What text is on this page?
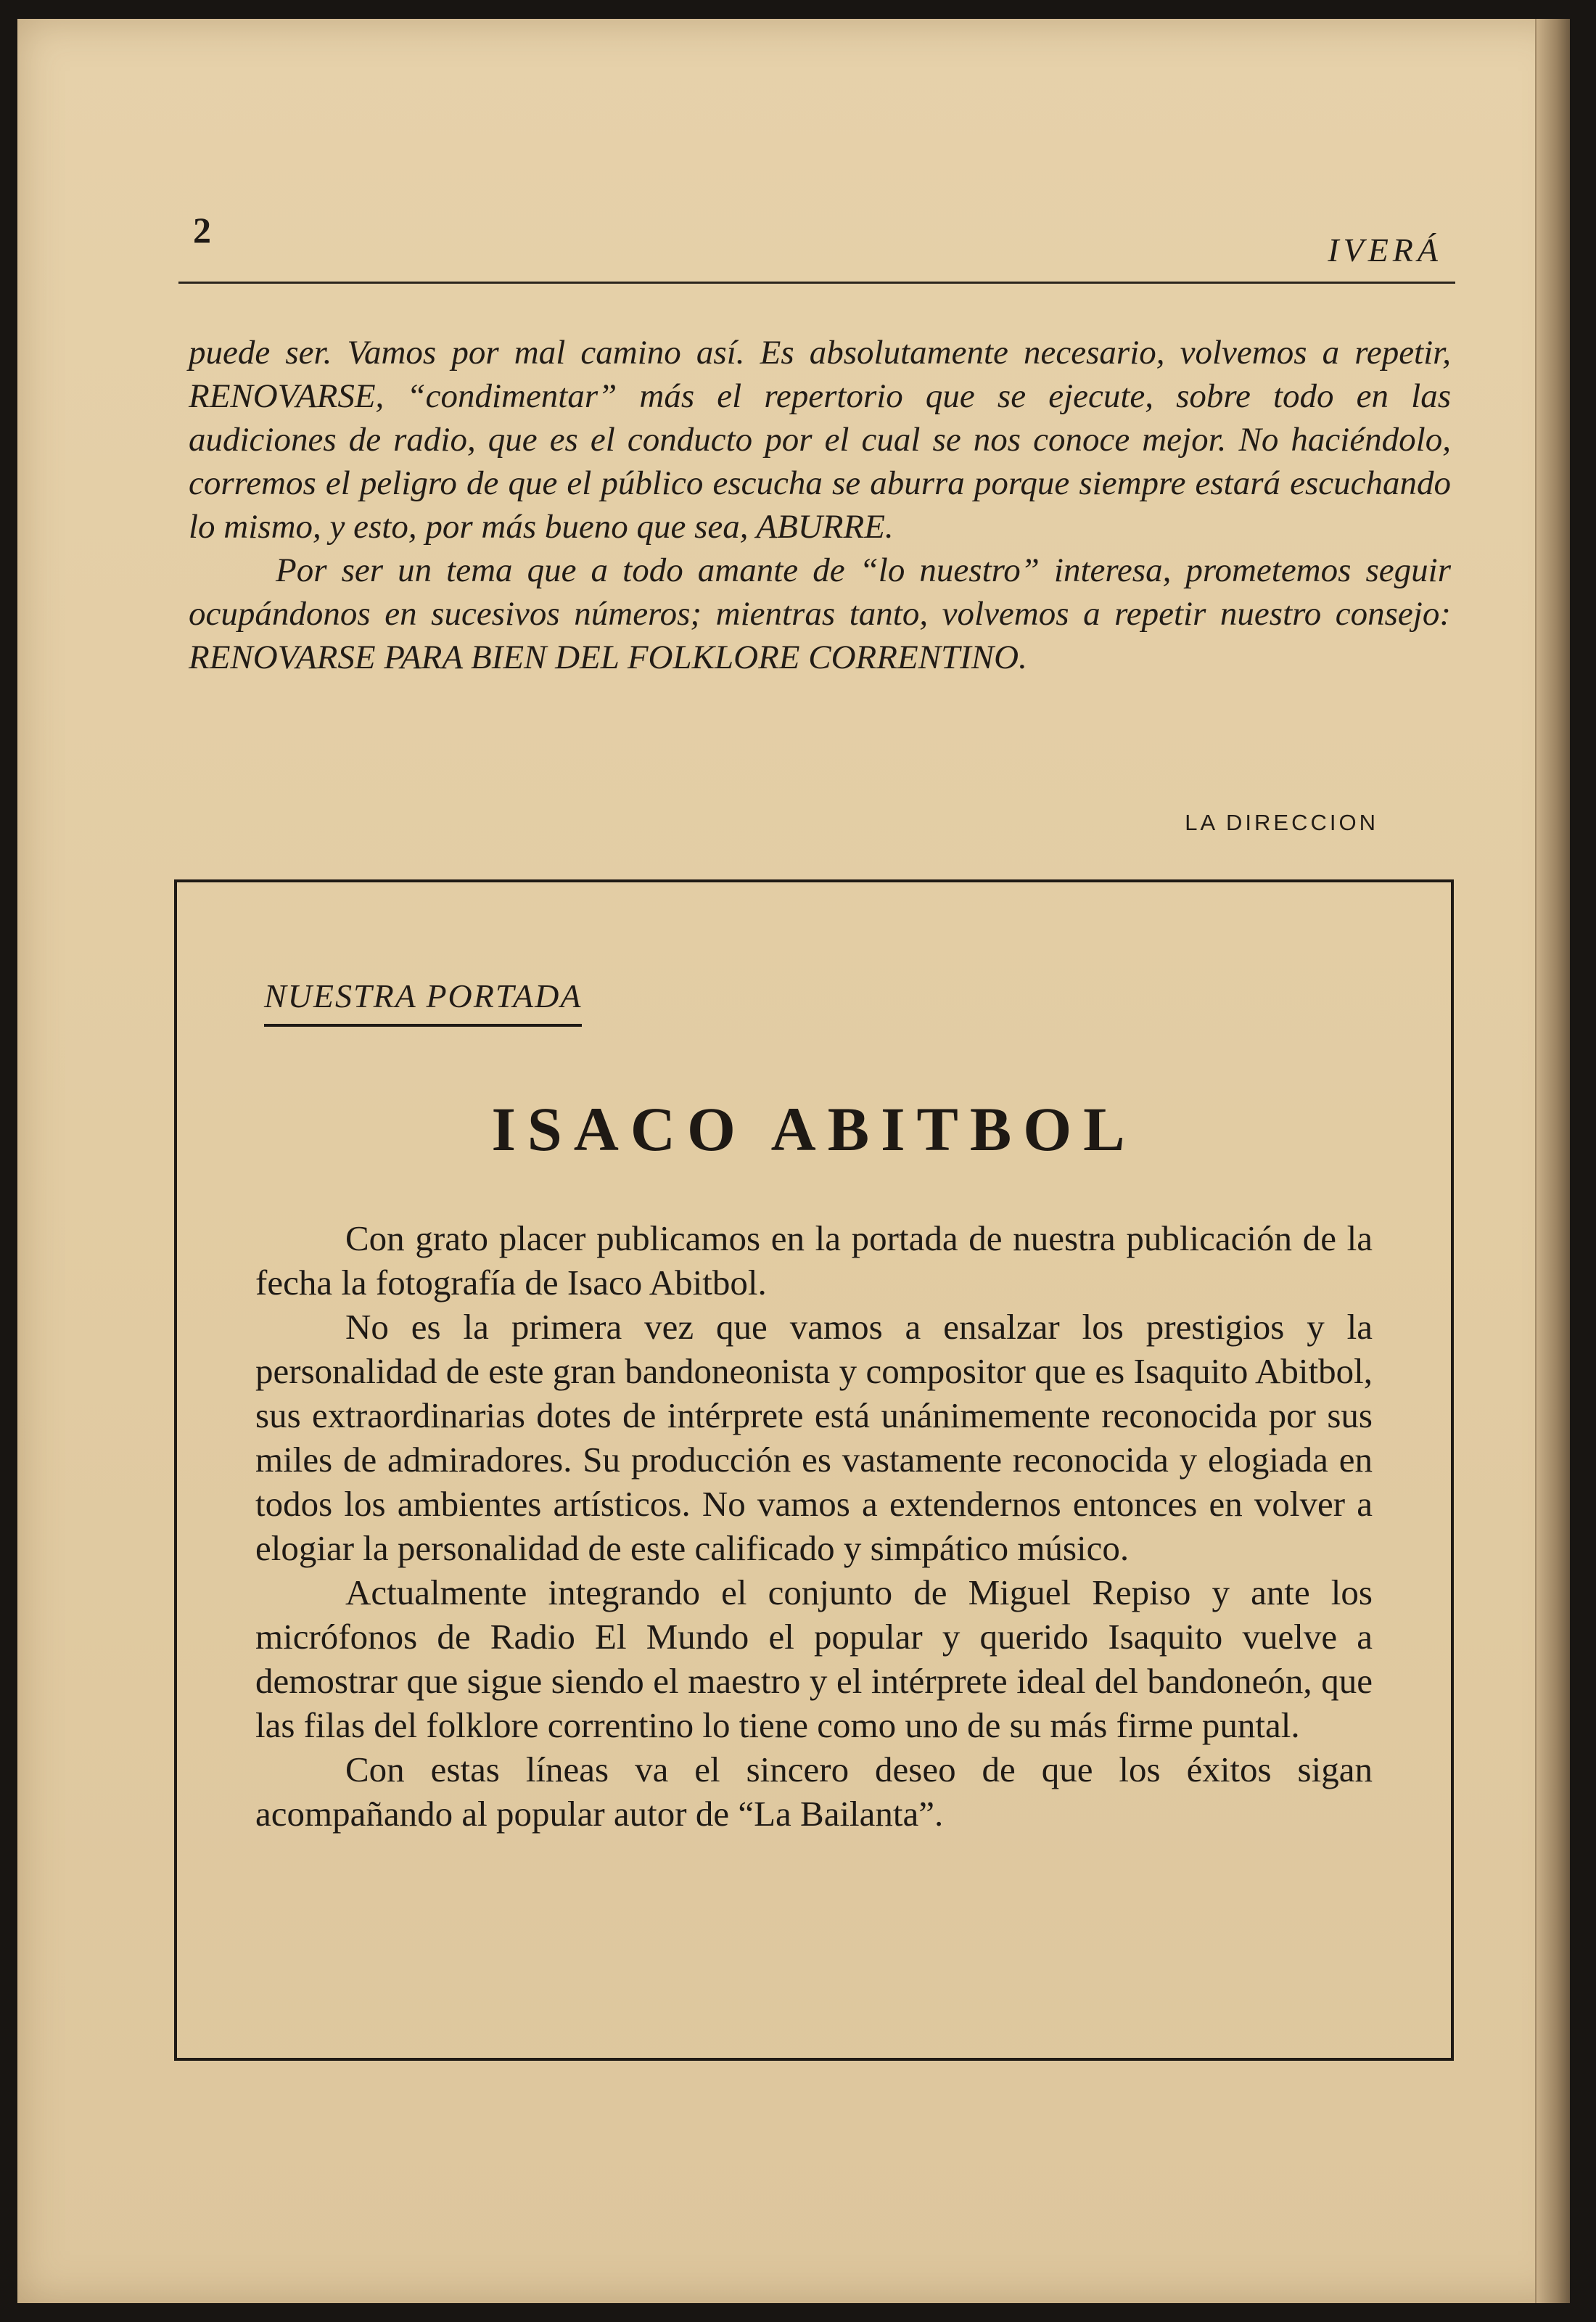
2	IVERÁ

puede ser. Vamos por mal camino así. Es absolutamente necesario, volvemos a repetir, RENOVARSE, “condimentar” más el repertorio que se ejecute, sobre todo en las audiciones de radio, que es el conducto por el cual se nos conoce mejor. No haciéndolo, corremos el peligro de que el público escucha se aburra porque siempre estará escuchando lo mismo, y esto, por más bueno que sea, ABURRE.

Por ser un tema que a todo amante de “lo nuestro” interesa, prometemos seguir ocupándonos en sucesivos números; mientras tanto, volvemos a repetir nuestro consejo: RENOVARSE PARA BIEN DEL FOLKLORE CORRENTINO.

LA DIRECCION
NUESTRA PORTADA
ISACO ABITBOL

Con grato placer publicamos en la portada de nuestra publicación de la fecha la fotografía de Isaco Abitbol.

No es la primera vez que vamos a ensalzar los prestigios y la personalidad de este gran bandoneonista y compositor que es Isaquito Abitbol, sus extraordinarias dotes de intérprete está unánimemente reconocida por sus miles de admiradores. Su producción es vastamente reconocida y elogiada en todos los ambientes artísticos. No vamos a extendernos entonces en volver a elogiar la personalidad de este calificado y simpático músico.

Actualmente integrando el conjunto de Miguel Repiso y ante los micrófonos de Radio El Mundo el popular y querido Isaquito vuelve a demostrar que sigue siendo el maestro y el intérprete ideal del bandoneón, que las filas del folklore correntino lo tiene como uno de su más firme puntal.

Con estas líneas va el sincero deseo de que los éxitos sigan acompañando al popular autor de “La Bailanta”.
